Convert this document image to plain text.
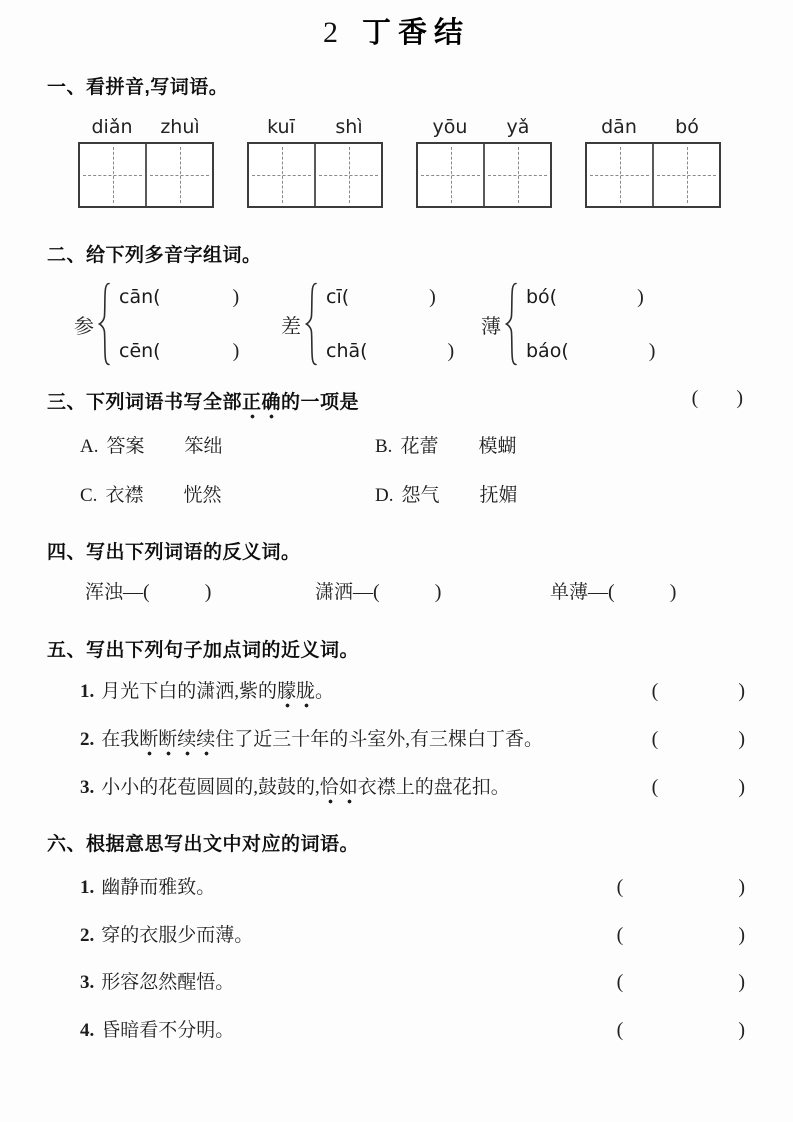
2 丁香结
一、看拼音,写词语。
diǎn	zhuì	kuī	shì	yōu	yǎ	dān	bó
二、给下列多音字组词。
参
cān(	)
cēn(	)
差
cī(	)
chā(	)
薄
bó(	)
báo(	)
三、下列词语书写全部正确的一项是	( )
A. 答案 笨绌	B. 花蕾 模蝴
C. 衣襟 恍然	D. 怨气 抚媚
四、写出下列词语的反义词。
浑浊 —(	)	潇洒 —(	)	单薄 —(	)
五、写出下列句子加点词的近义词。
1. 月光下白的潇洒,紫的朦胧。	(	)
2. 在我断断续续住了近三十年的斗室外,有三棵白丁香。	(	)
3. 小小的花苞圆圆的,鼓鼓的,恰如衣襟上的盘花扣。	(	)
六、根据意思写出文中对应的词语。
1. 幽静而雅致。	(	)
2. 穿的衣服少而薄。	(	)
3. 形容忽然醒悟。	(	)
4. 昏暗看不分明。	(	)
